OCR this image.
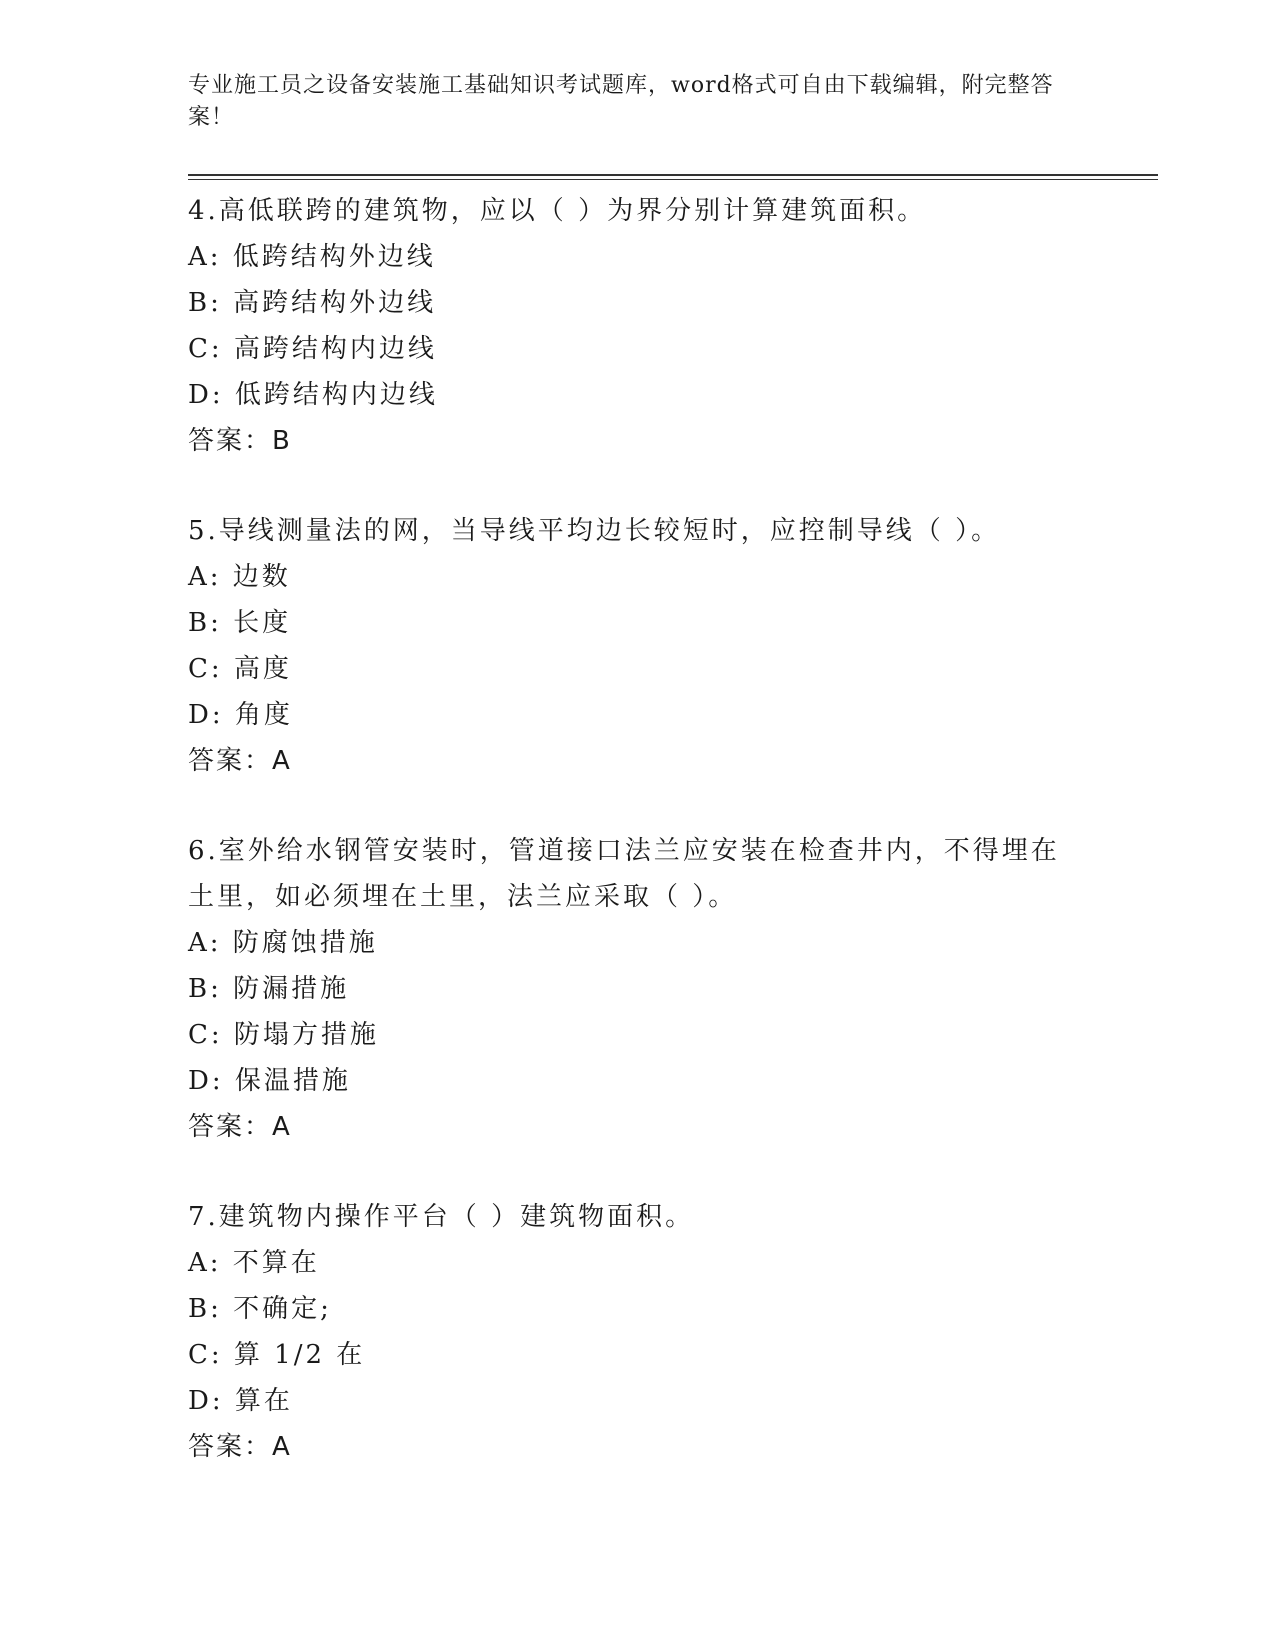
专业施工员之设备安装施工基础知识考试题库，word格式可自由下载编辑，附完整答案！

4.高低联跨的建筑物，应以（ ）为界分别计算建筑面积。

A: 低跨结构外边线

B: 高跨结构外边线

C: 高跨结构内边线

D: 低跨结构内边线

答案：B

5.导线测量法的网，当导线平均边长较短时，应控制导线（ ）。

A: 边数

B: 长度

C: 高度

D: 角度

答案：A

6.室外给水钢管安装时，管道接口法兰应安装在检查井内，不得埋在土里，如必须埋在土里，法兰应采取（ ）。

A: 防腐蚀措施

B: 防漏措施

C: 防塌方措施

D: 保温措施

答案：A

7.建筑物内操作平台（ ）建筑物面积。

A: 不算在

B: 不确定;

C: 算 1/2 在

D: 算在

答案：A
